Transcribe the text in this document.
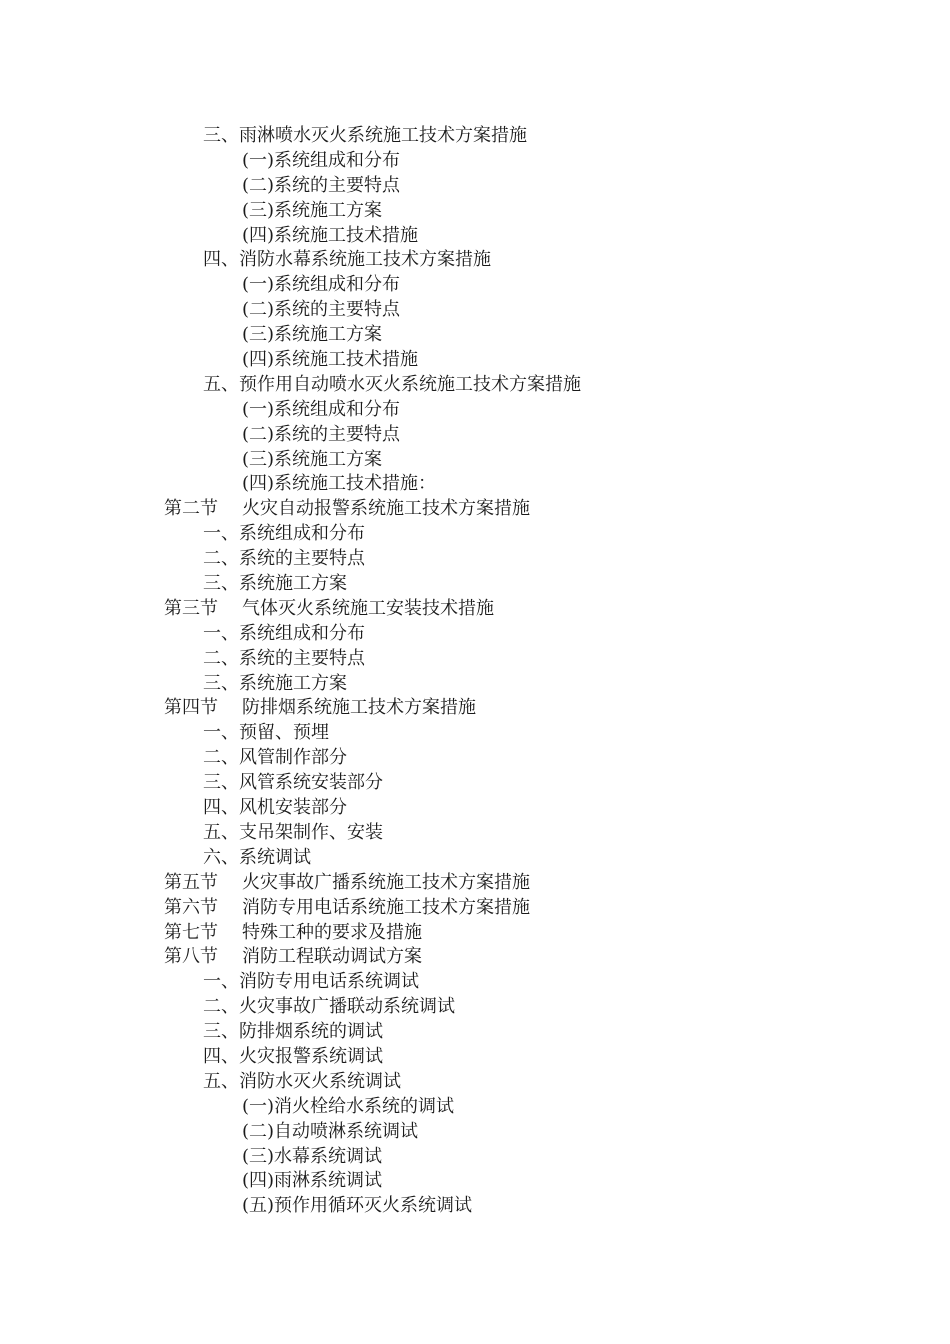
三、雨淋喷水灭火系统施工技术方案措施
(一)系统组成和分布
(二)系统的主要特点
(三)系统施工方案
(四)系统施工技术措施
四、消防水幕系统施工技术方案措施
(一)系统组成和分布
(二)系统的主要特点
(三)系统施工方案
(四)系统施工技术措施
五、预作用自动喷水灭火系统施工技术方案措施
(一)系统组成和分布
(二)系统的主要特点
(三)系统施工方案
(四)系统施工技术措施：
第二节 火灾自动报警系统施工技术方案措施
一、系统组成和分布
二、系统的主要特点
三、系统施工方案
第三节 气体灭火系统施工安装技术措施
一、系统组成和分布
二、系统的主要特点
三、系统施工方案
第四节 防排烟系统施工技术方案措施
一、预留、预埋
二、风管制作部分
三、风管系统安装部分
四、风机安装部分
五、支吊架制作、安装
六、系统调试
第五节 火灾事故广播系统施工技术方案措施
第六节 消防专用电话系统施工技术方案措施
第七节 特殊工种的要求及措施
第八节 消防工程联动调试方案
一、消防专用电话系统调试
二、火灾事故广播联动系统调试
三、防排烟系统的调试
四、火灾报警系统调试
五、消防水灭火系统调试
(一)消火栓给水系统的调试
(二)自动喷淋系统调试
(三)水幕系统调试
(四)雨淋系统调试
(五)预作用循环灭火系统调试
